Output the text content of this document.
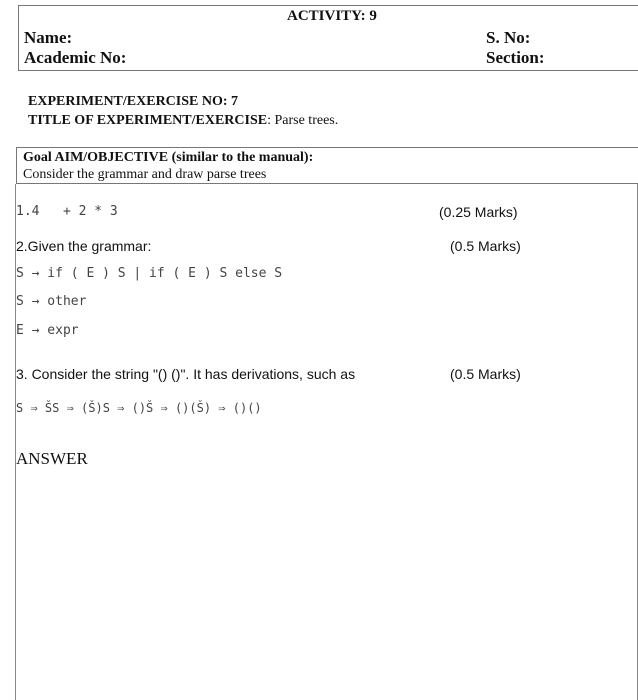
ACTIVITY: 9
Name:
Academic No:
S. No:
Section:
EXPERIMENT/EXERCISE NO: 7
TITLE OF EXPERIMENT/EXERCISE: Parse trees.
Goal AIM/OBJECTIVE (similar to the manual):
Consider the grammar and draw parse trees
1.4   + 2 * 3	(0.25 Marks)
2.Given the grammar:	(0.5 Marks)
S → if ( E ) S | if ( E ) S else S
S → other
E → expr
3. Consider the string "() ()". It has derivations, such as	(0.5 Marks)
S ⇒ ŠS ⇒ (Š)S ⇒ ()Š ⇒ ()(Š) ⇒ ()()
ANSWER
